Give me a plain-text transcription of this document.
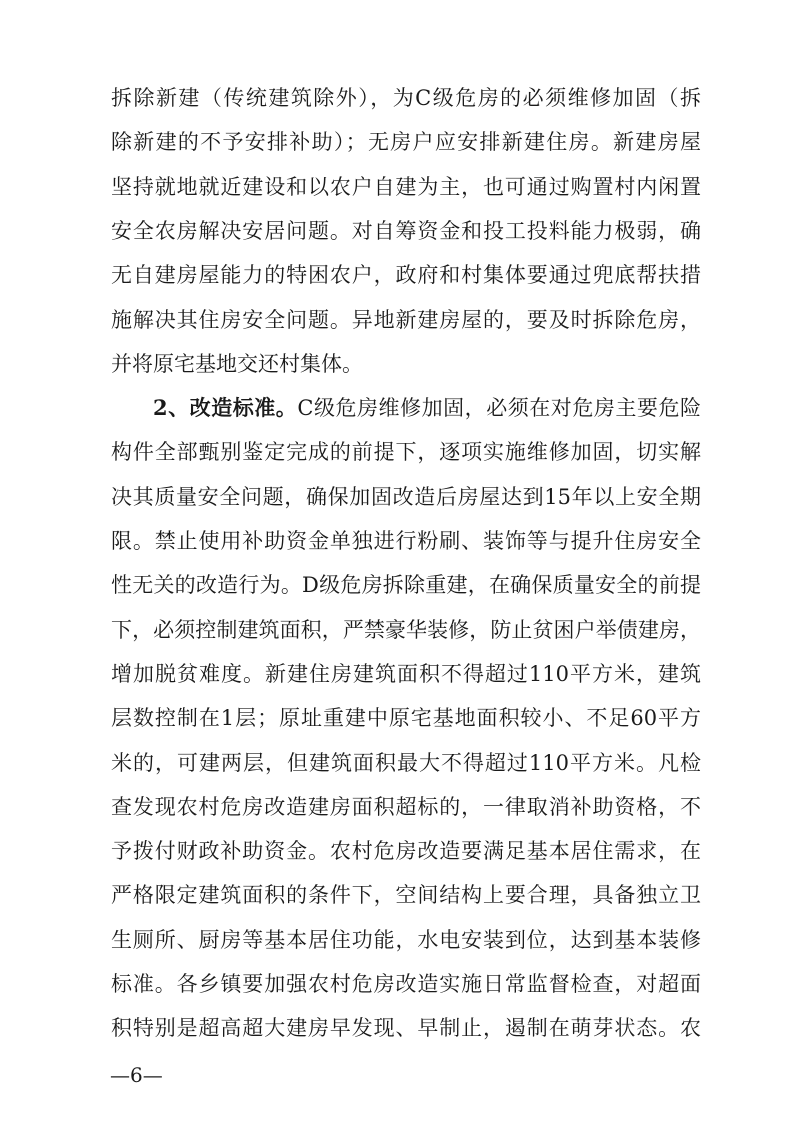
拆除新建（传统建筑除外），为C级危房的必须维修加固（拆
除新建的不予安排补助）；无房户应安排新建住房。新建房屋
坚持就地就近建设和以农户自建为主，也可通过购置村内闲置
安全农房解决安居问题。对自筹资金和投工投料能力极弱，确
无自建房屋能力的特困农户，政府和村集体要通过兜底帮扶措
施解决其住房安全问题。异地新建房屋的，要及时拆除危房，
并将原宅基地交还村集体。
2、改造标准。C级危房维修加固，必须在对危房主要危险
构件全部甄别鉴定完成的前提下，逐项实施维修加固，切实解
决其质量安全问题，确保加固改造后房屋达到15年以上安全期
限。禁止使用补助资金单独进行粉刷、装饰等与提升住房安全
性无关的改造行为。D级危房拆除重建，在确保质量安全的前提
下，必须控制建筑面积，严禁豪华装修，防止贫困户举债建房，
增加脱贫难度。新建住房建筑面积不得超过110平方米，建筑
层数控制在1层；原址重建中原宅基地面积较小、不足60平方
米的，可建两层，但建筑面积最大不得超过110平方米。凡检
查发现农村危房改造建房面积超标的，一律取消补助资格，不
予拨付财政补助资金。农村危房改造要满足基本居住需求，在
严格限定建筑面积的条件下，空间结构上要合理，具备独立卫
生厕所、厨房等基本居住功能，水电安装到位，达到基本装修
标准。各乡镇要加强农村危房改造实施日常监督检查，对超面
积特别是超高超大建房早发现、早制止，遏制在萌芽状态。农
—6—
